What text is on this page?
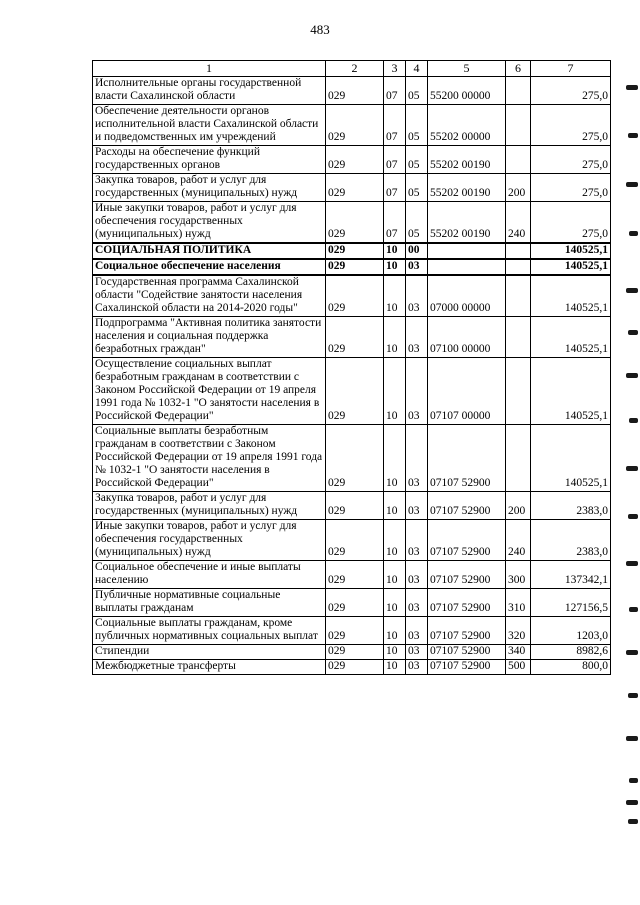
483
1	2	3	4	5	6	7
Исполнительные органы государственной власти Сахалинской области	029	07	05	55200 00000		275,0
Обеспечение деятельности органов исполнительной власти Сахалинской области и подведомственных им учреждений	029	07	05	55202 00000		275,0
Расходы на обеспечение функций государственных органов	029	07	05	55202 00190		275,0
Закупка товаров, работ и услуг для государственных (муниципальных) нужд	029	07	05	55202 00190	200	275,0
Иные закупки товаров, работ и услуг для обеспечения государственных (муниципальных) нужд	029	07	05	55202 00190	240	275,0
СОЦИАЛЬНАЯ ПОЛИТИКА	029	10	00			140525,1
Социальное обеспечение населения	029	10	03			140525,1
Государственная программа Сахалинской области "Содействие занятости населения Сахалинской области на 2014-2020 годы"	029	10	03	07000 00000		140525,1
Подпрограмма "Активная политика занятости населения и социальная поддержка безработных граждан"	029	10	03	07100 00000		140525,1
Осуществление социальных выплат безработным гражданам в соответствии с Законом Российской Федерации от 19 апреля 1991 года № 1032-1 "О занятости населения в Российской Федерации"	029	10	03	07107 00000		140525,1
Социальные выплаты безработным гражданам в соответствии с Законом Российской Федерации от 19 апреля 1991 года № 1032-1 "О занятости населения в Российской Федерации"	029	10	03	07107 52900		140525,1
Закупка товаров, работ и услуг для государственных (муниципальных) нужд	029	10	03	07107 52900	200	2383,0
Иные закупки товаров, работ и услуг для обеспечения государственных (муниципальных) нужд	029	10	03	07107 52900	240	2383,0
Социальное обеспечение и иные выплаты населению	029	10	03	07107 52900	300	137342,1
Публичные нормативные социальные выплаты гражданам	029	10	03	07107 52900	310	127156,5
Социальные выплаты гражданам, кроме публичных нормативных социальных выплат	029	10	03	07107 52900	320	1203,0
Стипендии	029	10	03	07107 52900	340	8982,6
Межбюджетные трансферты	029	10	03	07107 52900	500	800,0
